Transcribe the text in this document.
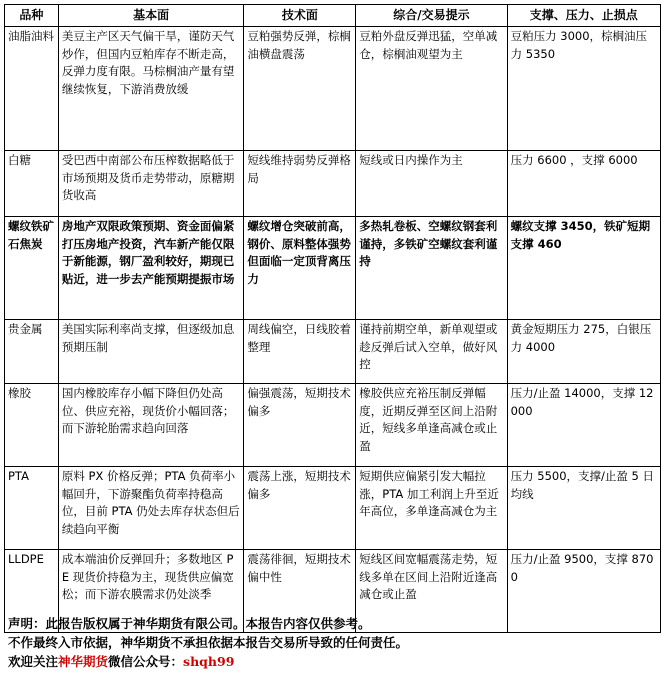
品种	基本面	技术面	综合/交易提示	支撑、压力、止损点
油脂油料	美豆主产区天气偏干旱，谨防天气炒作，但国内豆粕库存不断走高，反弹力度有限。马棕榈油产量有望继续恢复，下游消费放缓	豆粕强势反弹，棕榈油横盘震荡	豆粕外盘反弹迅猛，空单减仓，棕榈油观望为主	豆粕压力 3000，棕榈油压力 5350
白糖	受巴西中南部公布压榨数据略低于市场预期及货币走势带动，原糖期货收高	短线维持弱势反弹格局	短线或日内操作为主	压力 6600 ，支撑 6000
螺纹铁矿石焦炭	房地产双限政策预期、资金面偏紧打压房地产投资，汽车新产能仅限于新能源，钢厂盈利较好，期现已贴近，进一步去产能预期提振市场	螺纹增仓突破前高，钢价、原料整体强势但面临一定顶背离压力	多热轧卷板、空螺纹钢套利谨持，多铁矿空螺纹套利谨持	螺纹支撑 3450，铁矿短期支撑 460
贵金属	美国实际利率尚支撑，但逐级加息预期压制	周线偏空，日线胶着整理	谨持前期空单，新单观望或趁反弹后试入空单，做好风控	黄金短期压力 275，白银压力 4000
橡胶	国内橡胶库存小幅下降但仍处高位、供应充裕，现货价小幅回落；而下游轮胎需求趋向回落	偏强震荡，短期技术偏多	橡胶供应充裕压制反弹幅度，近期反弹至区间上沿附近，短线多单逢高减仓或止盈	压力/止盈 14000，支撑 12000
PTA	原料 PX 价格反弹；PTA 负荷率小幅回升，下游聚酯负荷率持稳高位，目前 PTA 仍处去库存状态但后续趋向平衡	震荡上涨，短期技术偏多	短期供应偏紧引发大幅拉涨，PTA 加工利润上升至近年高位，多单逢高减仓为主	压力 5500，支撑/止盈 5 日均线
LLDPE	成本端油价反弹回升；多数地区 PE 现货价持稳为主，现货供应偏宽松；而下游农膜需求仍处淡季	震荡徘徊，短期技术偏中性	短线区间宽幅震荡走势，短线多单在区间上沿附近逢高减仓或止盈	压力/止盈 9500，支撑 8700
声明：此报告版权属于神华期货有限公司。本报告内容仅供参考。
不作最终入市依据，神华期货不承担依据本报告交易所导致的任何责任。
欢迎关注神华期货微信公众号：shqh99
